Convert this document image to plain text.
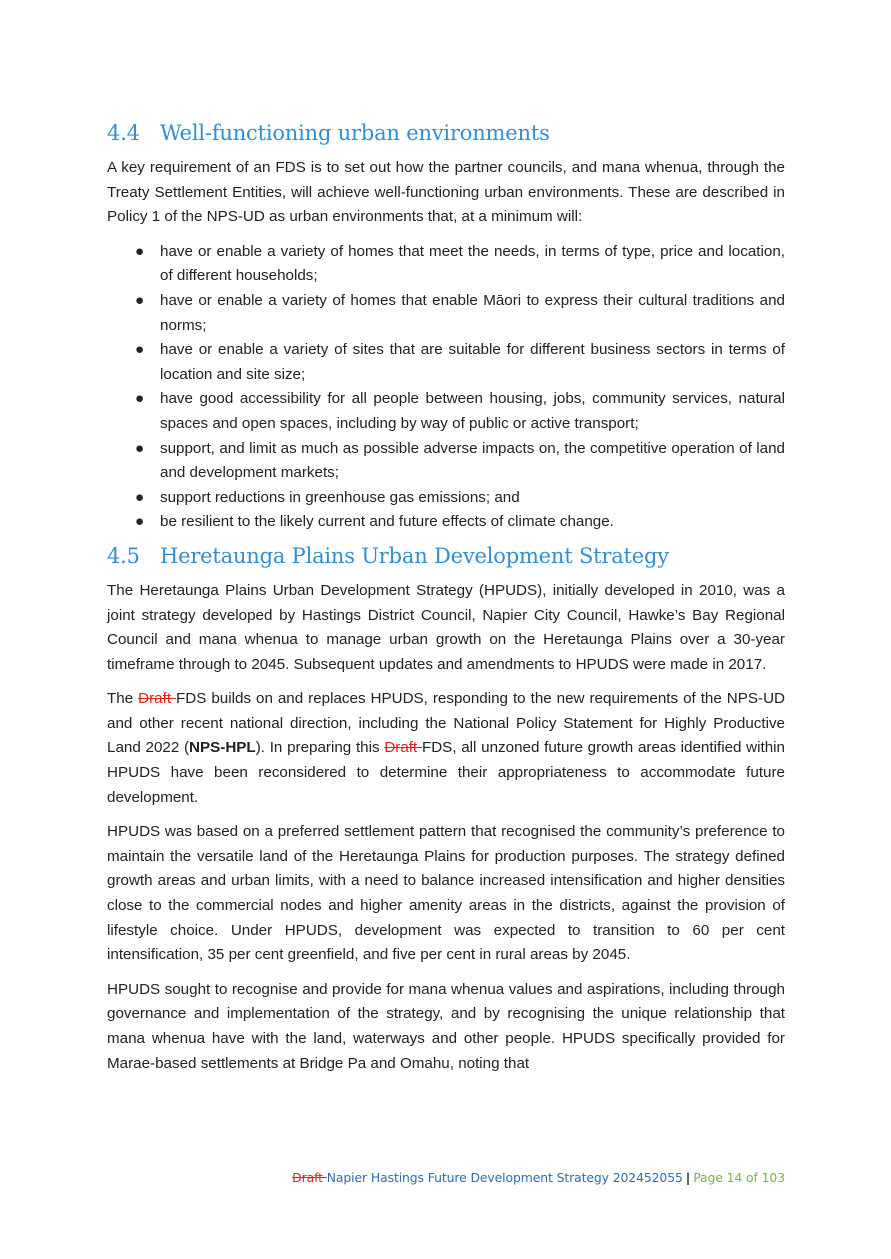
4.4 Well-functioning urban environments

A key requirement of an FDS is to set out how the partner councils, and mana whenua, through the Treaty Settlement Entities, will achieve well-functioning urban environments. These are described in Policy 1 of the NPS-UD as urban environments that, at a minimum will:

● have or enable a variety of homes that meet the needs, in terms of type, price and location, of different households;
● have or enable a variety of homes that enable Māori to express their cultural traditions and norms;
● have or enable a variety of sites that are suitable for different business sectors in terms of location and site size;
● have good accessibility for all people between housing, jobs, community services, natural spaces and open spaces, including by way of public or active transport;
● support, and limit as much as possible adverse impacts on, the competitive operation of land and development markets;
● support reductions in greenhouse gas emissions; and
● be resilient to the likely current and future effects of climate change.
4.5 Heretaunga Plains Urban Development Strategy

The Heretaunga Plains Urban Development Strategy (HPUDS), initially developed in 2010, was a joint strategy developed by Hastings District Council, Napier City Council, Hawke’s Bay Regional Council and mana whenua to manage urban growth on the Heretaunga Plains over a 30-year timeframe through to 2045. Subsequent updates and amendments to HPUDS were made in 2017.

The Draft FDS builds on and replaces HPUDS, responding to the new requirements of the NPS-UD and other recent national direction, including the National Policy Statement for Highly Productive Land 2022 (NPS-HPL). In preparing this Draft FDS, all unzoned future growth areas identified within HPUDS have been reconsidered to determine their appropriateness to accommodate future development.

HPUDS was based on a preferred settlement pattern that recognised the community’s preference to maintain the versatile land of the Heretaunga Plains for production purposes. The strategy defined growth areas and urban limits, with a need to balance increased intensification and higher densities close to the commercial nodes and higher amenity areas in the districts, against the provision of lifestyle choice. Under HPUDS, development was expected to transition to 60 per cent intensification, 35 per cent greenfield, and five per cent in rural areas by 2045.

HPUDS sought to recognise and provide for mana whenua values and aspirations, including through governance and implementation of the strategy, and by recognising the unique relationship that mana whenua have with the land, waterways and other people. HPUDS specifically provided for Marae-based settlements at Bridge Pa and Omahu, noting that

Draft Napier Hastings Future Development Strategy 202452055 | Page 14 of 103
